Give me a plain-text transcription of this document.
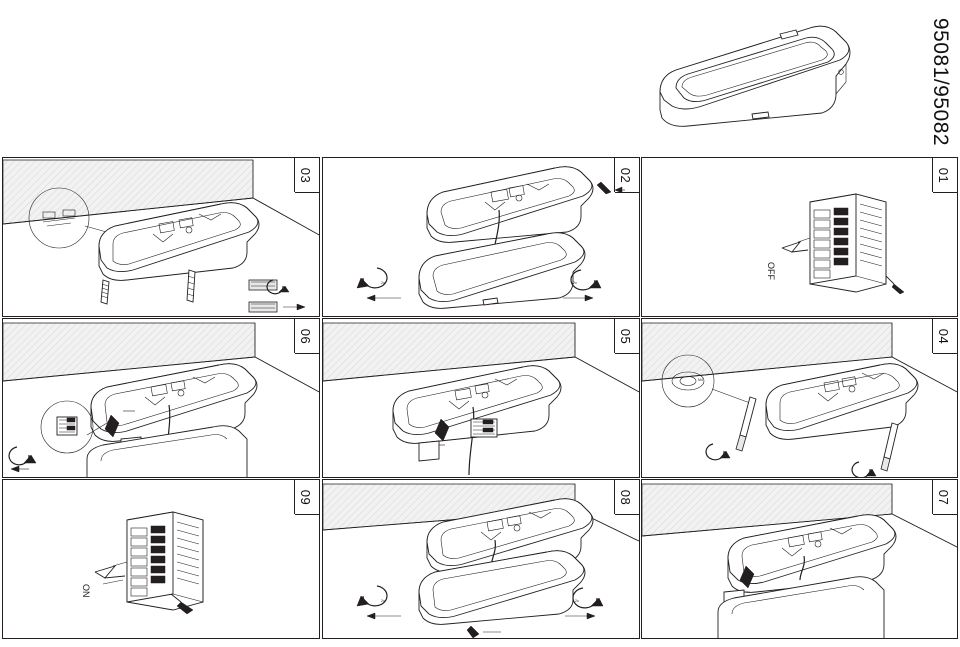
95081/95082
01
OFF
02
2x	2x
03
04
M4
05
06
07
08
2x	2x
09
ON
